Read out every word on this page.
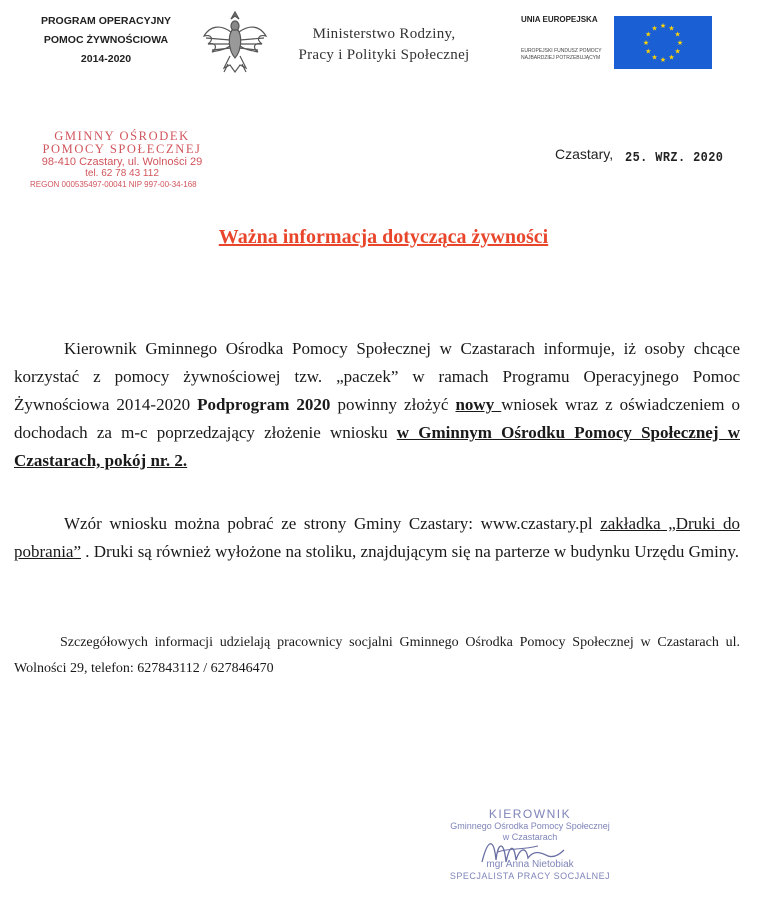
PROGRAM OPERACYJNY
POMOC ŻYWNOŚCIOWA
2014-2020
Ministerstwo Rodziny,
Pracy i Polityki Społecznej
UNIA EUROPEJSKA
EUROPEJSKI FUNDUSZ POMOCY
NAJBARDZIEJ POTRZEBUJĄCYM
★ ★
★
★
★
★
★
★
★
★
★
★
GMINNY OŚRODEK
POMOCY SPOŁECZNEJ
98-410 Czastary, ul. Wolności 29
tel. 62 78 43 112
REGON 000535497-00041 NIP 997-00-34-168
Czastary, 25. WRZ. 2020
Ważna informacja dotycząca żywności
Kierownik Gminnego Ośrodka Pomocy Społecznej w Czastarach informuje, iż osoby chcące korzystać z pomocy żywnościowej tzw. „paczek” w ramach Programu Operacyjnego Pomoc Żywnościowa 2014-2020 Podprogram 2020 powinny złożyć nowy wniosek wraz z oświadczeniem o dochodach za m-c poprzedzający złożenie wniosku w Gminnym Ośrodku Pomocy Społecznej w Czastarach, pokój nr. 2.
Wzór wniosku można pobrać ze strony Gminy Czastary: www.czastary.pl zakładka „Druki do pobrania” . Druki są również wyłożone na stoliku, znajdującym się na parterze w budynku Urzędu Gminy.
Szczegółowych informacji udzielają pracownicy socjalni Gminnego Ośrodka Pomocy Społecznej w Czastarach ul. Wolności 29, telefon: 627843112 / 627846470
KIEROWNIK
Gminnego Ośrodka Pomocy Społecznej
w Czastarach
mgr Anna Nietobiak
SPECJALISTA PRACY SOCJALNEJ
